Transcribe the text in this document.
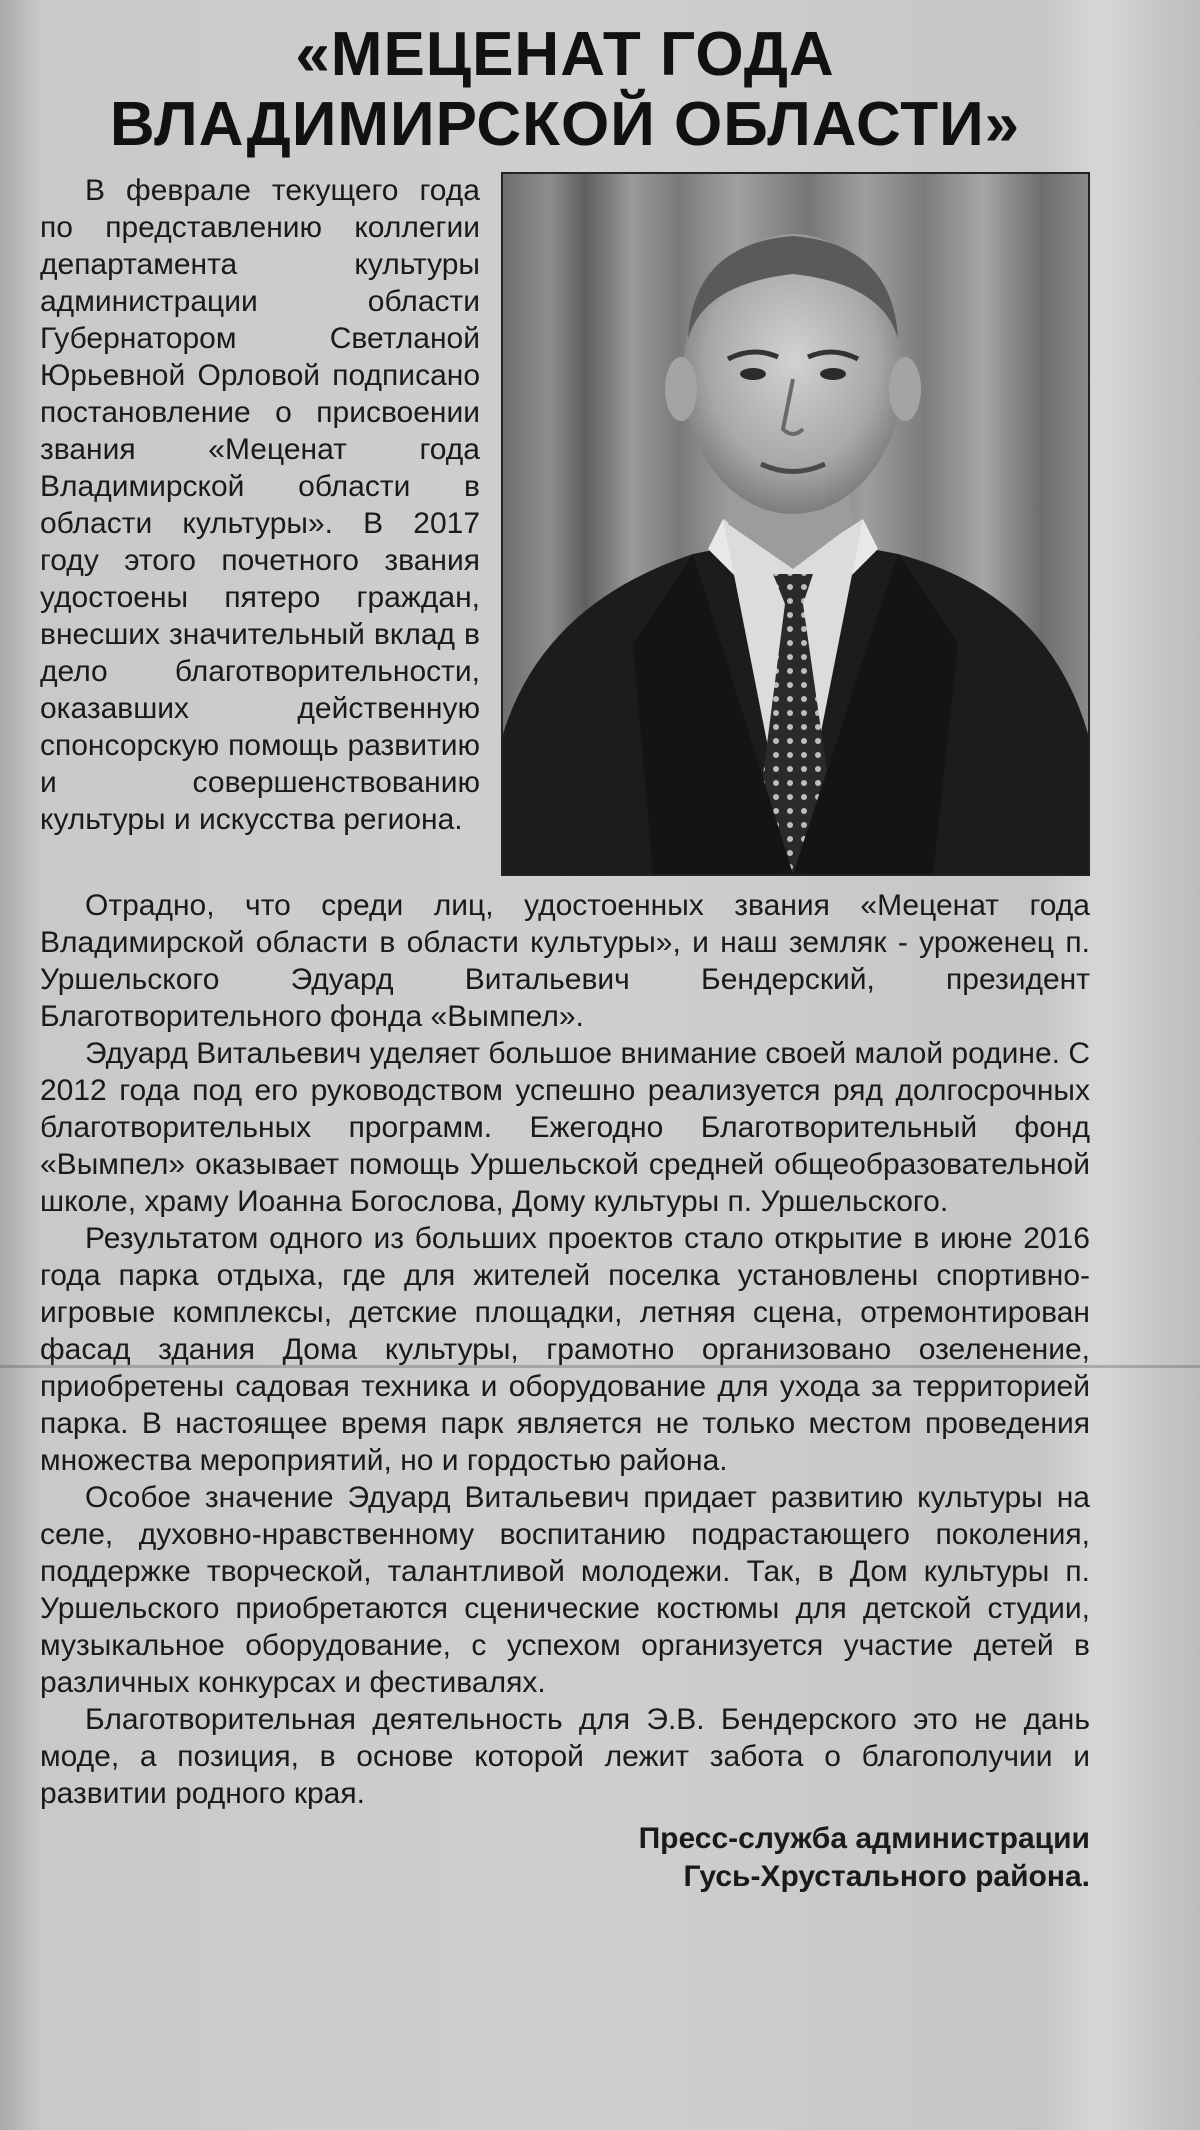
«МЕЦЕНАТ ГОДА
ВЛАДИМИРСКОЙ ОБЛАСТИ»

В феврале текущего года по представлению коллегии департамента культуры администрации области Губернатором Светланой Юрьевной Орловой подписано постановление о присвоении звания «Меценат года Владимирской области в области культуры». В 2017 году этого почетного звания удостоены пятеро граждан, внесших значительный вклад в дело благотворительности, оказавших действенную спонсорскую помощь развитию и совершенствованию культуры и искусства региона.

Отрадно, что среди лиц, удостоенных звания «Меценат года Владимирской области в области культуры», и наш земляк - уроженец п. Уршельского Эдуард Витальевич Бендерский, президент Благотворительного фонда «Вымпел».

Эдуард Витальевич уделяет большое внимание своей малой родине. С 2012 года под его руководством успешно реализуется ряд долгосрочных благотворительных программ. Ежегодно Благотворительный фонд «Вымпел» оказывает помощь Уршельской средней общеобразовательной школе, храму Иоанна Богослова, Дому культуры п. Уршельского.

Результатом одного из больших проектов стало открытие в июне 2016 года парка отдыха, где для жителей поселка установлены спортивно-игровые комплексы, детские площадки, летняя сцена, отремонтирован фасад здания Дома культуры, грамотно организовано озеленение, приобретены садовая техника и оборудование для ухода за территорией парка. В настоящее время парк является не только местом проведения множества мероприятий, но и гордостью района.

Особое значение Эдуард Витальевич придает развитию культуры на селе, духовно-нравственному воспитанию подрастающего поколения, поддержке творческой, талантливой молодежи. Так, в Дом культуры п. Уршельского приобретаются сценические костюмы для детской студии, музыкальное оборудование, с успехом организуется участие детей в различных конкурсах и фестивалях.

Благотворительная деятельность для Э.В. Бендерского это не дань моде, а позиция, в основе которой лежит забота о благополучии и развитии родного края.

Пресс-служба администрации
Гусь-Хрустального района.
